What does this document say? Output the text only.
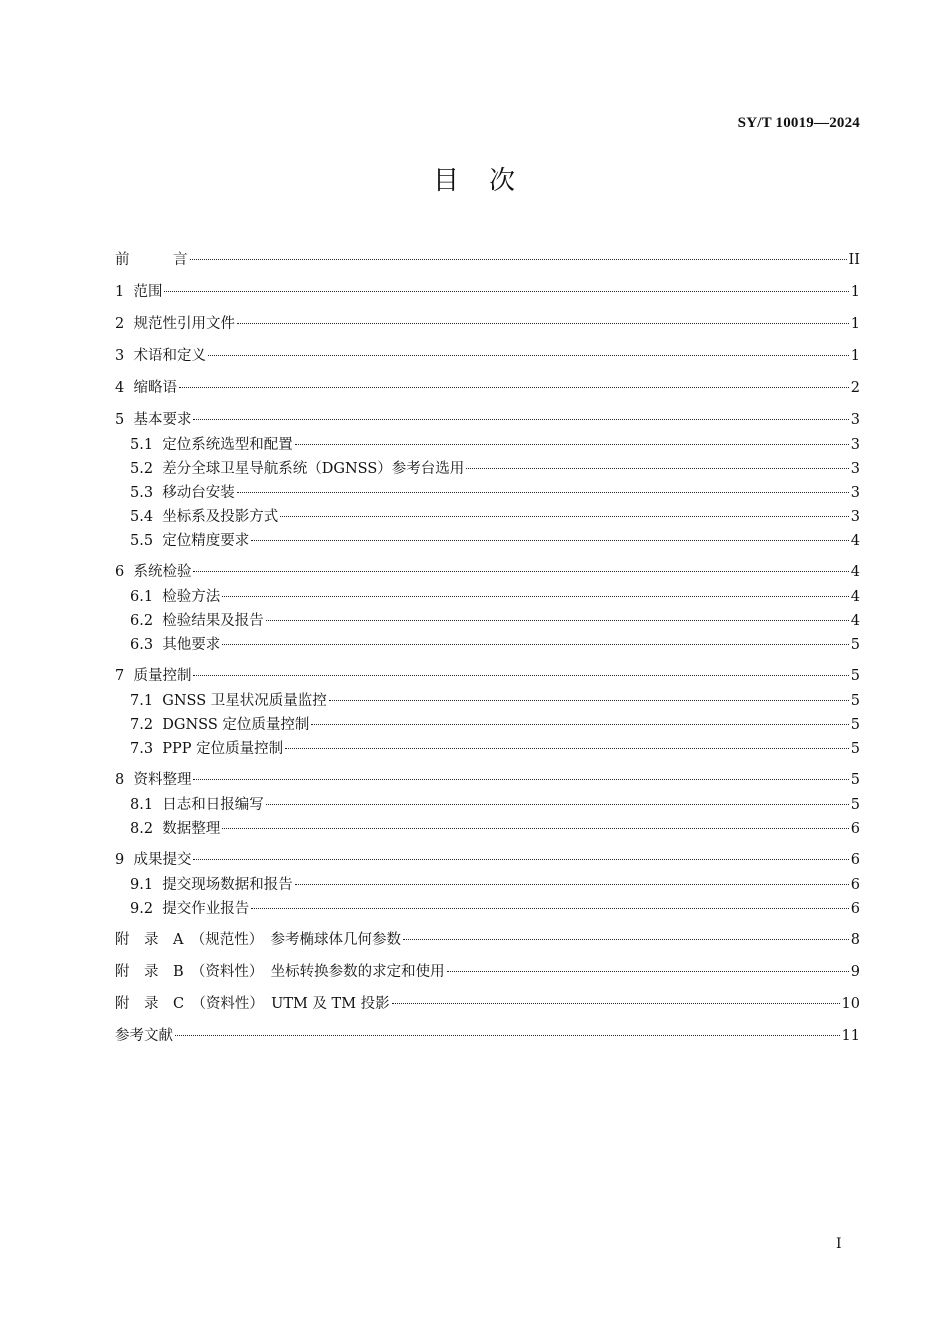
SY/T 10019—2024
目　次
前　　　言	II
1  范围	1
2  规范性引用文件	1
3  术语和定义	1
4  缩略语	2
5  基本要求	3
5.1  定位系统选型和配置	3
5.2  差分全球卫星导航系统（DGNSS）参考台选用	3
5.3  移动台安装	3
5.4  坐标系及投影方式	3
5.5  定位精度要求	4
6  系统检验	4
6.1  检验方法	4
6.2  检验结果及报告	4
6.3  其他要求	5
7  质量控制	5
7.1  GNSS 卫星状况质量监控	5
7.2  DGNSS 定位质量控制	5
7.3  PPP 定位质量控制	5
8  资料整理	5
8.1  日志和日报编写	5
8.2  数据整理	6
9  成果提交	6
9.1  提交现场数据和报告	6
9.2  提交作业报告	6
附　录　A　（规范性）　参考椭球体几何参数	8
附　录　B　（资料性）　坐标转换参数的求定和使用	9
附　录　C　（资料性）　UTM 及 TM 投影	10
参考文献	11
I
